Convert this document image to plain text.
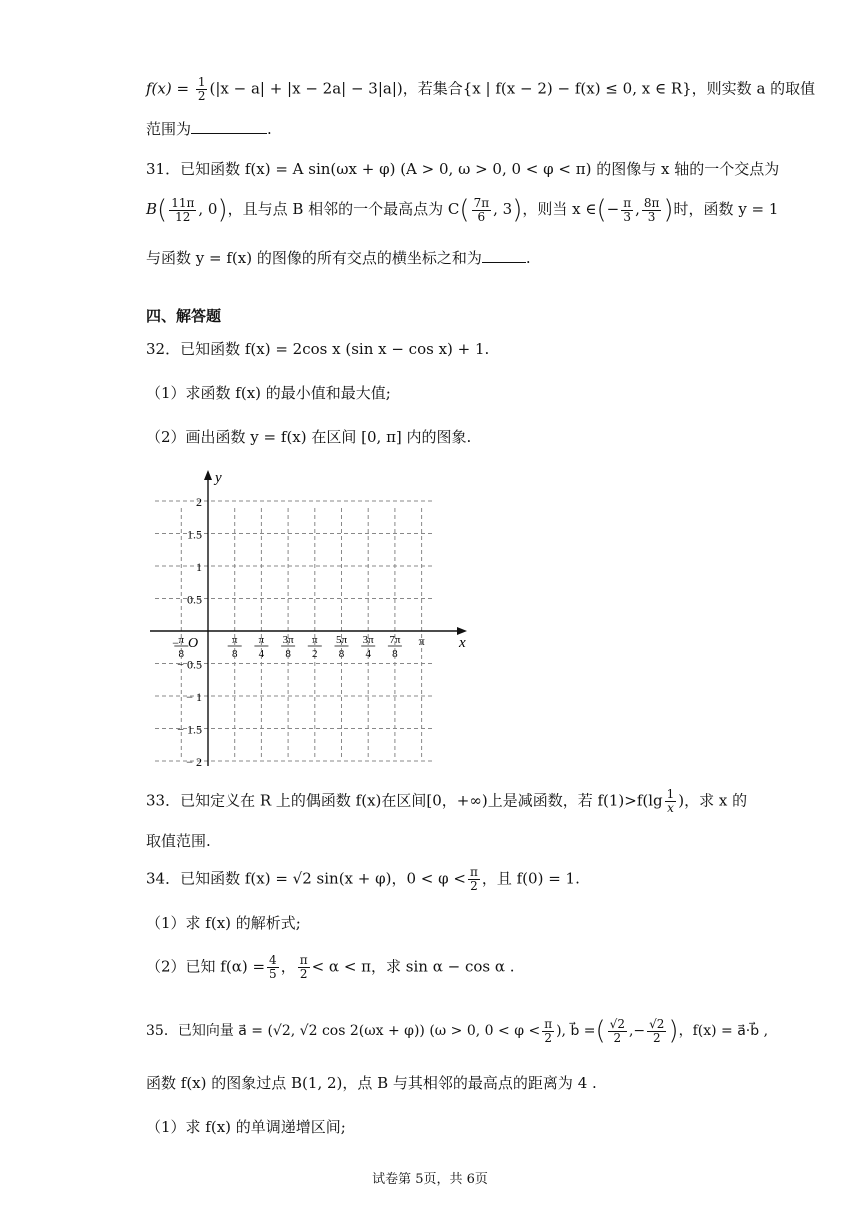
$f(x) = \frac{1}{2} (|x - a| + |x - 2a| - 3|a|)$，若集合{x | f(x − 2) − f(x) ≤ 0, x ∈ R}，则实数 a 的取值
范围为	.
31．已知函数 f(x) = A sin(ωx + φ) (A > 0, ω > 0, 0 < φ < π) 的图像与 x 轴的一个交点为
$B( \frac{11\pi}{12}$ , 0)，且与点 B 相邻的一个最高点为 $C( \frac{7\pi}{6}$ , 3)，则当 x ∈(− $\frac{\pi}{3}$ , $\frac{8\pi}{3}$ )时，函数 y = 1
与函数 y = f(x) 的图像的所有交点的横坐标之和为	.
四、解答题
32．已知函数 f(x) = 2cos x (sin x − cos x) + 1.
（1）求函数 f(x) 的最小值和最大值;
（2）画出函数 y = f(x) 在区间 [0, π] 内的图象.
y
x
O
2
1.5
1
0.5
− 0.5
− 1
− 1.5
− 2
− π
8
π
8
π
4
3π
8
π
2
5π
8
3π
4
7π
8
π
33．已知定义在 R 上的偶函数 f(x)在区间[0，+∞)上是减函数，若 $f(1)>f(\lg \frac{1}{x}$ )，求 x 的
取值范围.
34．已知函数 f(x) = √2 sin(x + φ)，$0 < \varphi < \frac{\pi}{2}$ ，且 f(0) = 1.
（1）求 f(x) 的解析式;
（2）已知 $f(\alpha) = \frac{4}{5}$ ， $\frac{\pi}{2} < \alpha < \pi$，求 sin α − cos α .
35．已知向量 a⃗ = (√2, √2 cos 2(ωx + φ)) (ω > 0, $0 < \varphi < \frac{\pi}{2}$ ), b⃗ =( $\frac{√2}{2}$ ,− $\frac{√2}{2}$ )，f(x) = a⃗·b⃗ ,
函数 f(x) 的图象过点 B(1, 2)，点 B 与其相邻的最高点的距离为 4 .
（1）求 f(x) 的单调递增区间;
试卷第 5页，共 6页
